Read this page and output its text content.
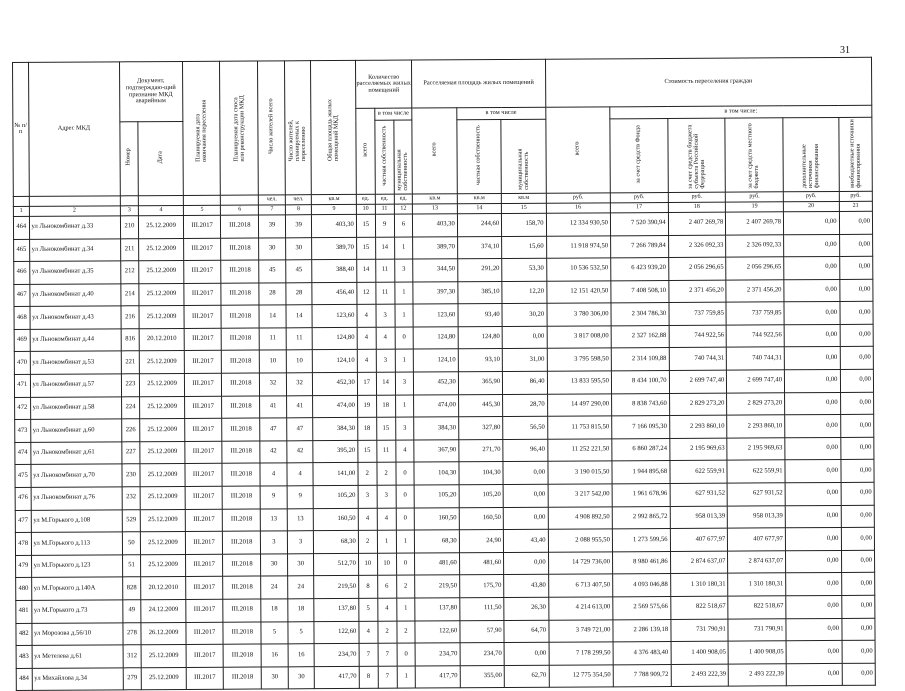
31
№ п/п	Адрес МКД	Документ, подтверждаю-щий признание МКД аварийным		Планируемая дата окончания переселения	Планируемая дата сноса или реконструкции МКД	Число жителей всего	Число жителей, планируемых к переселению	Общая площадь жилых помещений МКД	Количество расселяемых жилых помещений			Расселяемая площадь жилых помещений			Стоимость переселения граждан					
									всего	в том числе		всего	в том числе		всего	в том числе:				
		Номер	Дата							частная собственность	муниципальная собственность		частная собственность	муниципальная собственность		за счет средств Фонда	за счет средств бюджета субъекта Российской Федерации	за счет средств местного бюджета	дополнительные источники финансирования	внебюджетные источники финансирования
						чел.	чел.	кв.м	ед.	ед.	ед.	кв.м	кв.м	кв.м	руб.	руб.	руб.	руб.	руб.	руб.
1	2	3	4	5	6	7	8	9	10	11	12	13	14	15	16	17	18	19	20	21
464	ул Льнокомбинат д.33	210	25.12.2009	III.2017	III.2018	39	39	403,30	15	9	6	403,30	244,60	158,70	12 334 930,50	7 520 390,94	2 407 269,78	2 407 269,78	0,00	0,00
465	ул Льнокомбинат д.34	211	25.12.2009	III.2017	III.2018	30	30	389,70	15	14	1	389,70	374,10	15,60	11 918 974,50	7 266 789,84	2 326 092,33	2 326 092,33	0,00	0,00
466	ул Льнокомбинат д.35	212	25.12.2009	III.2017	III.2018	45	45	388,40	14	11	3	344,50	291,20	53,30	10 536 532,50	6 423 939,20	2 056 296,65	2 056 296,65	0,00	0,00
467	ул Льнокомбинат д.40	214	25.12.2009	III.2017	III.2018	28	28	456,40	12	11	1	397,30	385,10	12,20	12 151 420,50	7 408 508,10	2 371 456,20	2 371 456,20	0,00	0,00
468	ул Льнокомбинат д.43	216	25.12.2009	III.2017	III.2018	14	14	123,60	4	3	1	123,60	93,40	30,20	3 780 306,00	2 304 786,30	737 759,85	737 759,85	0,00	0,00
469	ул Льнокомбинат д.44	816	20.12.2010	III.2017	III.2018	11	11	124,80	4	4	0	124,80	124,80	0,00	3 817 008,00	2 327 162,88	744 922,56	744 922,56	0,00	0,00
470	ул Льнокомбинат д.53	221	25.12.2009	III.2017	III.2018	10	10	124,10	4	3	1	124,10	93,10	31,00	3 795 598,50	2 314 109,88	740 744,31	740 744,31	0,00	0,00
471	ул Льнокомбинат д.57	223	25.12.2009	III.2017	III.2018	32	32	452,30	17	14	3	452,30	365,90	86,40	13 833 595,50	8 434 100,70	2 699 747,40	2 699 747,40	0,00	0,00
472	ул Льнокомбинат д.58	224	25.12.2009	III.2017	III.2018	41	41	474,00	19	18	1	474,00	445,30	28,70	14 497 290,00	8 838 743,60	2 829 273,20	2 829 273,20	0,00	0,00
473	ул Льнокомбинат д.60	226	25.12.2009	III.2017	III.2018	47	47	384,30	18	15	3	384,30	327,80	56,50	11 753 815,50	7 166 095,30	2 293 860,10	2 293 860,10	0,00	0,00
474	ул Льнокомбинат д.61	227	25.12.2009	III.2017	III.2018	42	42	395,20	15	11	4	367,90	271,70	96,40	11 252 221,50	6 860 287,24	2 195 969,63	2 195 969,63	0,00	0,00
475	ул Льнокомбинат д.70	230	25.12.2009	III.2017	III.2018	4	4	141,00	2	2	0	104,30	104,30	0,00	3 190 015,50	1 944 895,68	622 559,91	622 559,91	0,00	0,00
476	ул Льнокомбинат д.76	232	25.12.2009	III.2017	III.2018	9	9	105,20	3	3	0	105,20	105,20	0,00	3 217 542,00	1 961 678,96	627 931,52	627 931,52	0,00	0,00
477	ул М.Горького д.108	529	25.12.2009	III.2017	III.2018	13	13	160,50	4	4	0	160,50	160,50	0,00	4 908 892,50	2 992 865,72	958 013,39	958 013,39	0,00	0,00
478	ул М.Горького д.113	50	25.12.2009	III.2017	III.2018	3	3	68,30	2	1	1	68,30	24,90	43,40	2 088 955,50	1 273 599,56	407 677,97	407 677,97	0,00	0,00
479	ул М.Горького д.123	51	25.12.2009	III.2017	III.2018	30	30	512,70	10	10	0	481,60	481,60	0,00	14 729 736,00	8 980 461,86	2 874 637,07	2 874 637,07	0,00	0,00
480	ул М.Горького д.140А	828	20.12.2010	III.2017	III.2018	24	24	219,50	8	6	2	219,50	175,70	43,80	6 713 407,50	4 093 046,88	1 310 180,31	1 310 180,31	0,00	0,00
481	ул М.Горького д.73	49	24.12.2009	III.2017	III.2018	18	18	137,80	5	4	1	137,80	111,50	26,30	4 214 613,00	2 569 575,66	822 518,67	822 518,67	0,00	0,00
482	ул Морозова д.56/10	278	26.12.2009	III.2017	III.2018	5	5	122,60	4	2	2	122,60	57,90	64,70	3 749 721,00	2 286 139,18	731 790,91	731 790,91	0,00	0,00
483	ул Метелева д.61	312	25.12.2009	III.2017	III.2018	16	16	234,70	7	7	0	234,70	234,70	0,00	7 178 299,50	4 376 483,40	1 400 908,05	1 400 908,05	0,00	0,00
484	ул Михайлова д.34	279	25.12.2009	III.2017	III.2018	30	30	417,70	8	7	1	417,70	355,00	62,70	12 775 354,50	7 788 909,72	2 493 222,39	2 493 222,39	0,00	0,00
